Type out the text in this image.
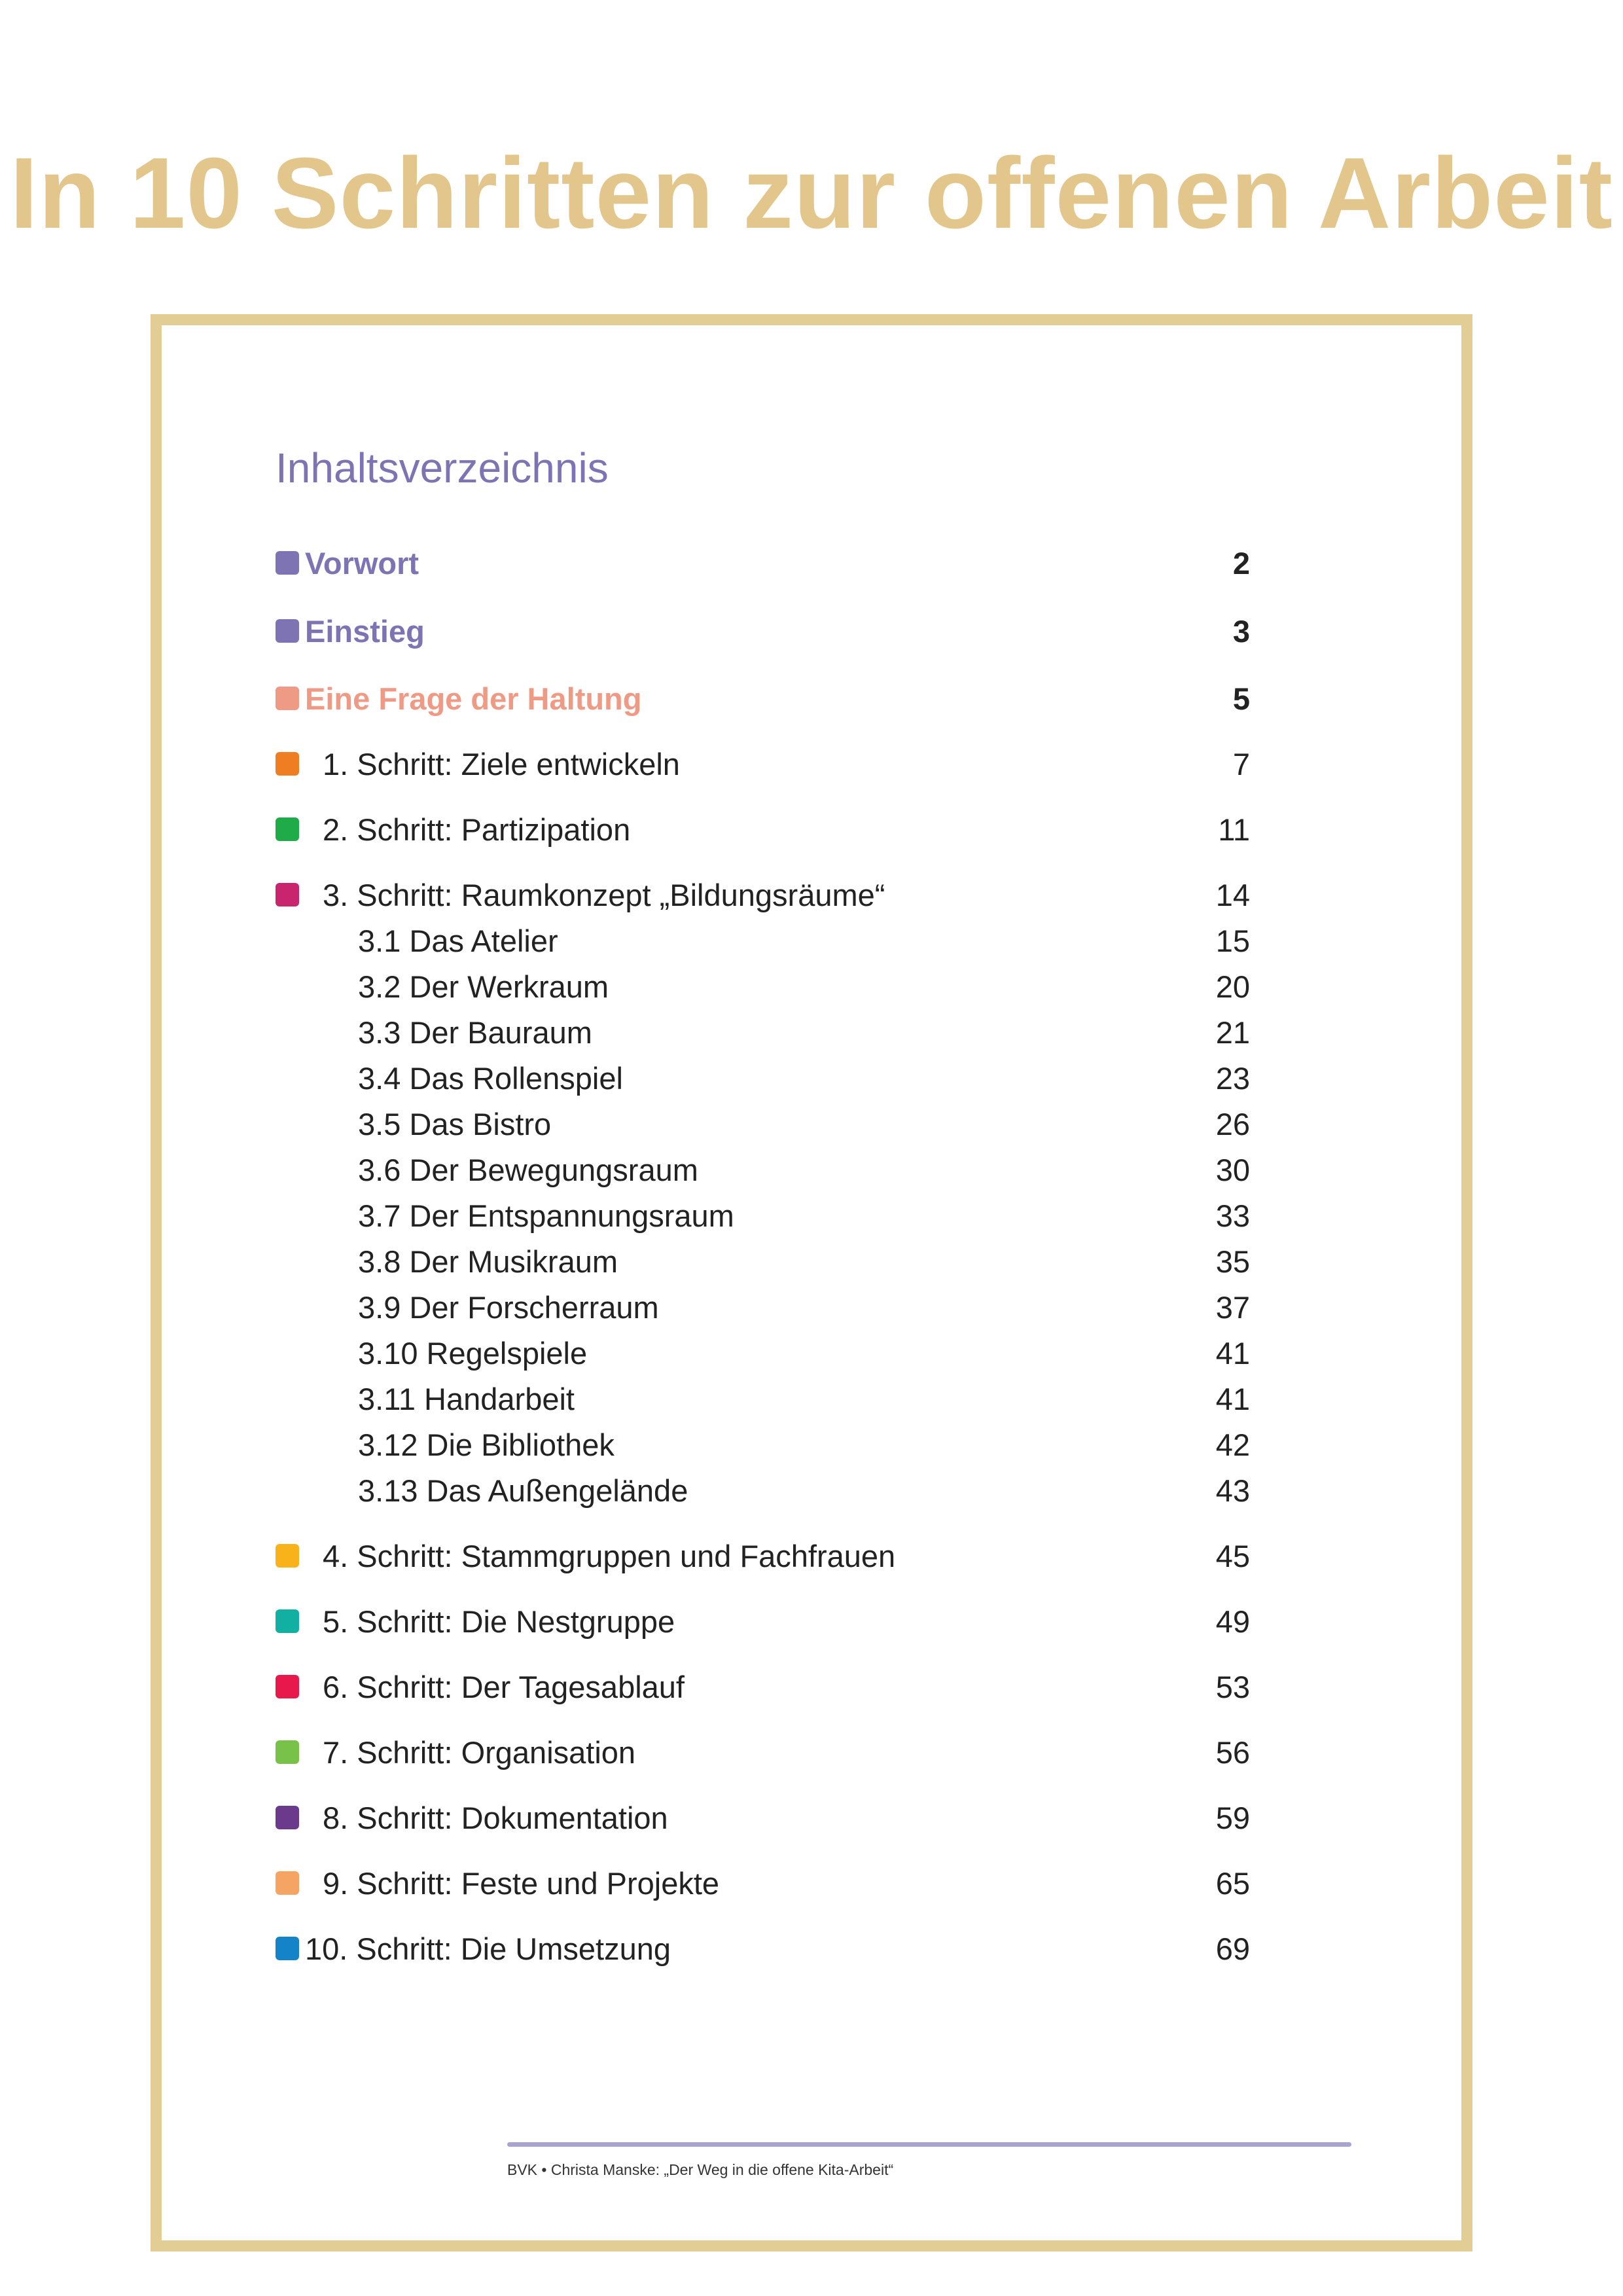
In 10 Schritten zur offenen Arbeit
Inhaltsverzeichnis
Vorwort	2
Einstieg	3
Eine Frage der Haltung	5
1. Schritt: Ziele entwickeln	7
2. Schritt: Partizipation	11
3. Schritt: Raumkonzept „Bildungsräume“	14
3.1 Das Atelier	15
3.2 Der Werkraum	20
3.3 Der Bauraum	21
3.4 Das Rollenspiel	23
3.5 Das Bistro	26
3.6 Der Bewegungsraum	30
3.7 Der Entspannungsraum	33
3.8 Der Musikraum	35
3.9 Der Forscherraum	37
3.10 Regelspiele	41
3.11 Handarbeit	41
3.12 Die Bibliothek	42
3.13 Das Außengelände	43
4. Schritt: Stammgruppen und Fachfrauen	45
5. Schritt: Die Nestgruppe	49
6. Schritt: Der Tagesablauf	53
7. Schritt: Organisation	56
8. Schritt: Dokumentation	59
9. Schritt: Feste und Projekte	65
10. Schritt: Die Umsetzung	69
BVK • Christa Manske: „Der Weg in die offene Kita-Arbeit“
